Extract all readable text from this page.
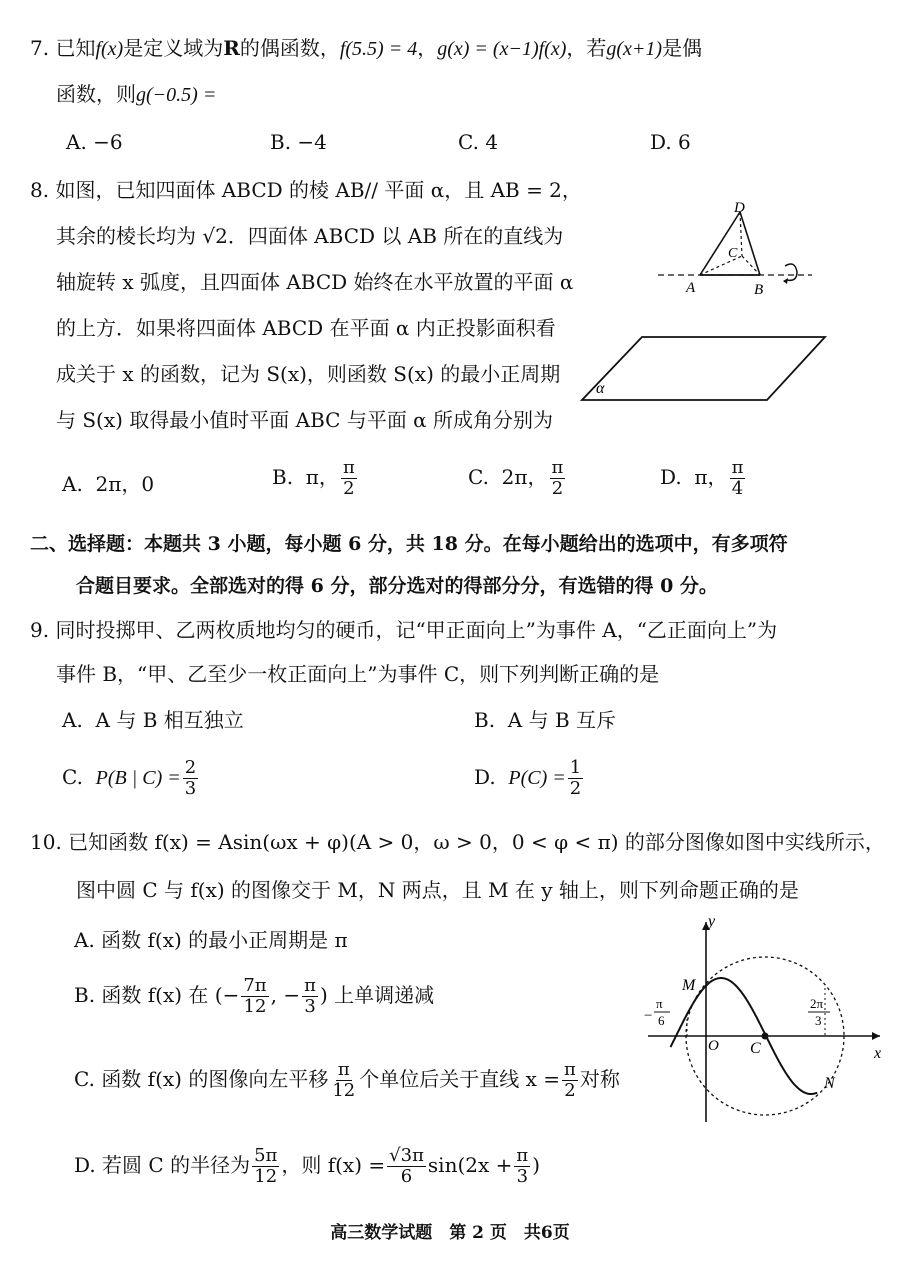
7. 已知f(x)是定义域为R的偶函数，f(5.5) = 4，g(x) = (x−1)f(x)，若g(x+1)是偶
函数，则g(−0.5) =
A. −6	B. −4	C. 4	D. 6
8. 如图，已知四面体 ABCD 的棱 AB// 平面 α，且 AB = 2，
其余的棱长均为 √2．四面体 ABCD 以 AB 所在的直线为
轴旋转 x 弧度，且四面体 ABCD 始终在水平放置的平面 α
的上方．如果将四面体 ABCD 在平面 α 内正投影面积看
成关于 x 的函数，记为 S(x)，则函数 S(x) 的最小正周期
与 S(x) 取得最小值时平面 ABC 与平面 α 所成角分别为
D
C
A	B
α
A. 2π，0	B. π， $\frac{\pi}{2}$	C. 2π， $\frac{\pi}{2}$	D. π， $\frac{\pi}{4}$
二、选择题：本题共 3 小题，每小题 6 分，共 18 分。在每小题给出的选项中，有多项符
合题目要求。全部选对的得 6 分，部分选对的得部分分，有选错的得 0 分。
9. 同时投掷甲、乙两枚质地均匀的硬币，记“甲正面向上”为事件 A，“乙正面向上”为
事件 B，“甲、乙至少一枚正面向上”为事件 C，则下列判断正确的是
A. A 与 B 相互独立	B. A 与 B 互斥
C. P(B | $C) = \frac{2}{3}$	D. $P(C) = \frac{1}{2}$
10. 已知函数 f(x) = Asin(ωx + φ)(A > 0，ω > 0，0 < φ < π) 的部分图像如图中实线所示，
图中圆 C 与 f(x) 的图像交于 M，N 两点，且 M 在 y 轴上，则下列命题正确的是
A. 函数 f(x) 的最小正周期是 π
B. 函数 f(x) 在 (− $\frac{7\pi}{12}$ , − $\frac{\pi}{3}$ ) 上单调递减
C. 函数 f(x) 的图像向左平移 $\frac{\pi}{12}$ 个单位后关于直线 $x = \frac{\pi}{2}$ 对称
D. 若圆 C 的半径为 $\frac{5\pi}{12}$ ，则 $f(x) = \frac{√3\pi}{6} \sin(2x + \frac{\pi}{3}$ )
y
x
M
O C
N
−
π
6
2π
3
高三数学试题　第 2 页　共6页
